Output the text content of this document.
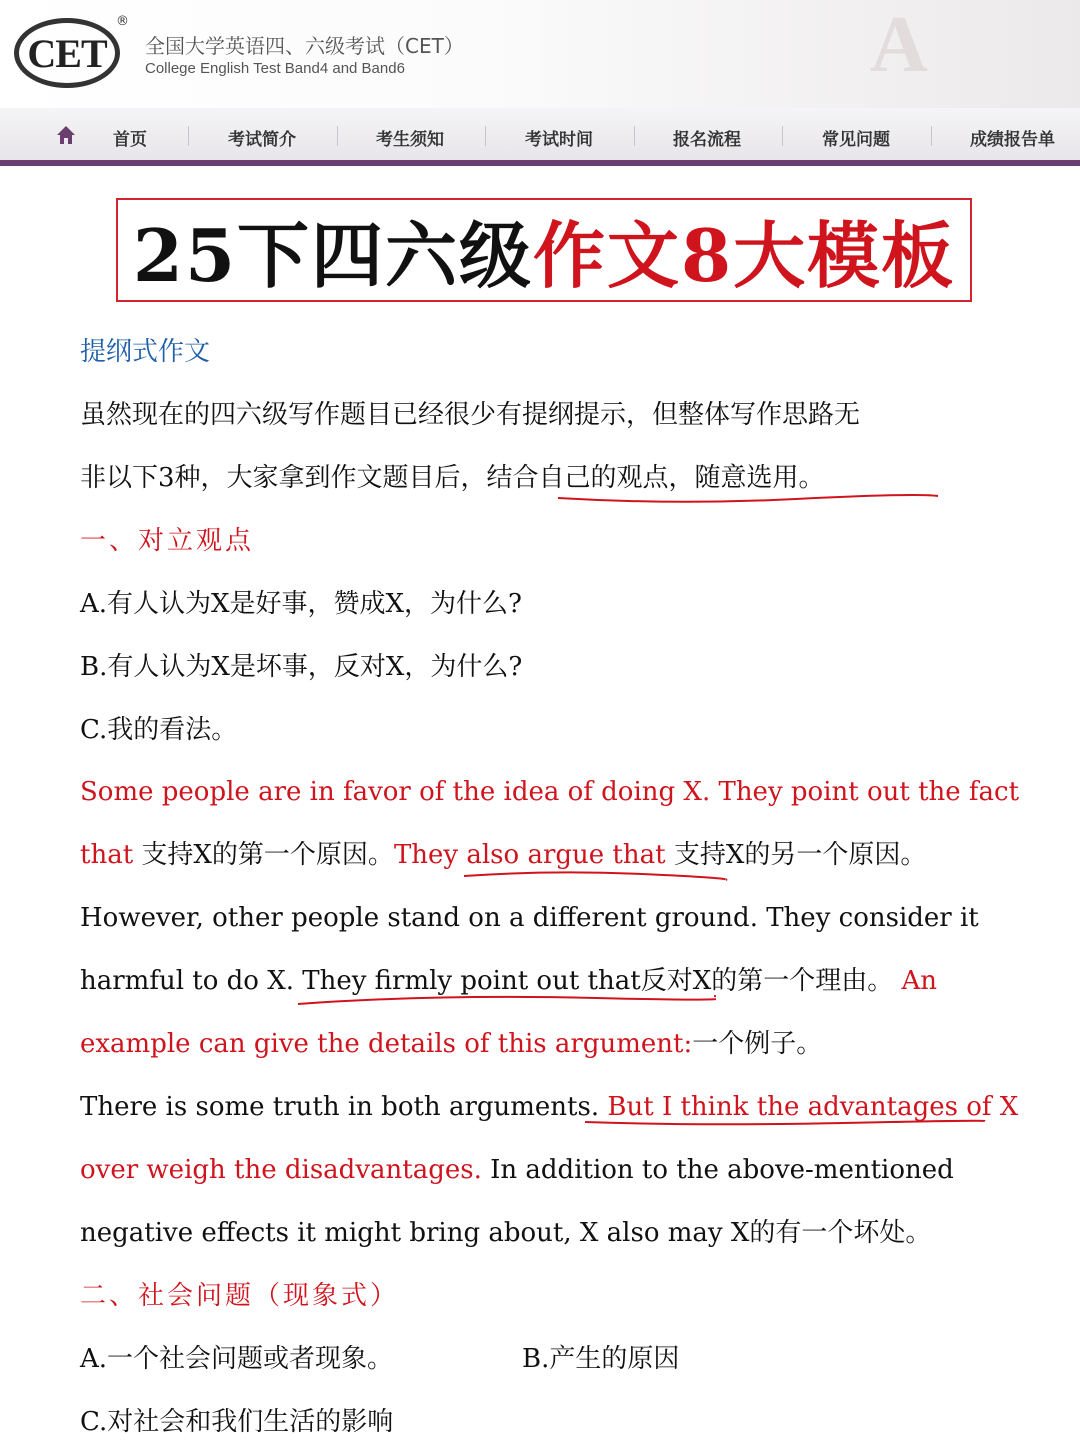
CET
®
全国大学英语四、六级考试（CET）
College English Test Band4 and Band6	A
首页	考试简介	考生须知	考试时间	报名流程	常见问题	成绩报告单
25下四六级 作文8大模板
提纲式作文
虽然现在的四六级写作题目已经很少有提纲提示，但整体写作思路无
非以下3种，大家拿到作文题目后，结合自己的观点，随意选用。
一、对立观点
A.有人认为X是好事，赞成X，为什么?
B.有人认为X是坏事，反对X，为什么?
C.我的看法。
Some people are in favor of the idea of doing X. They point out the fact
that 支持X的第一个原因。They also argue that 支持X的另一个原因。
However, other people stand on a different ground. They consider it
harmful to do X. They firmly point out that反对X的第一个理由。 An
example can give the details of this argument:一个例子。
There is some truth in both arguments. But I think the advantages of X
over weigh the disadvantages. In addition to the above-mentioned
negative effects it might bring about, X also may X的有一个坏处。
二、社会问题（现象式）
A.一个社会问题或者现象。	B.产生的原因
C.对社会和我们生活的影响
